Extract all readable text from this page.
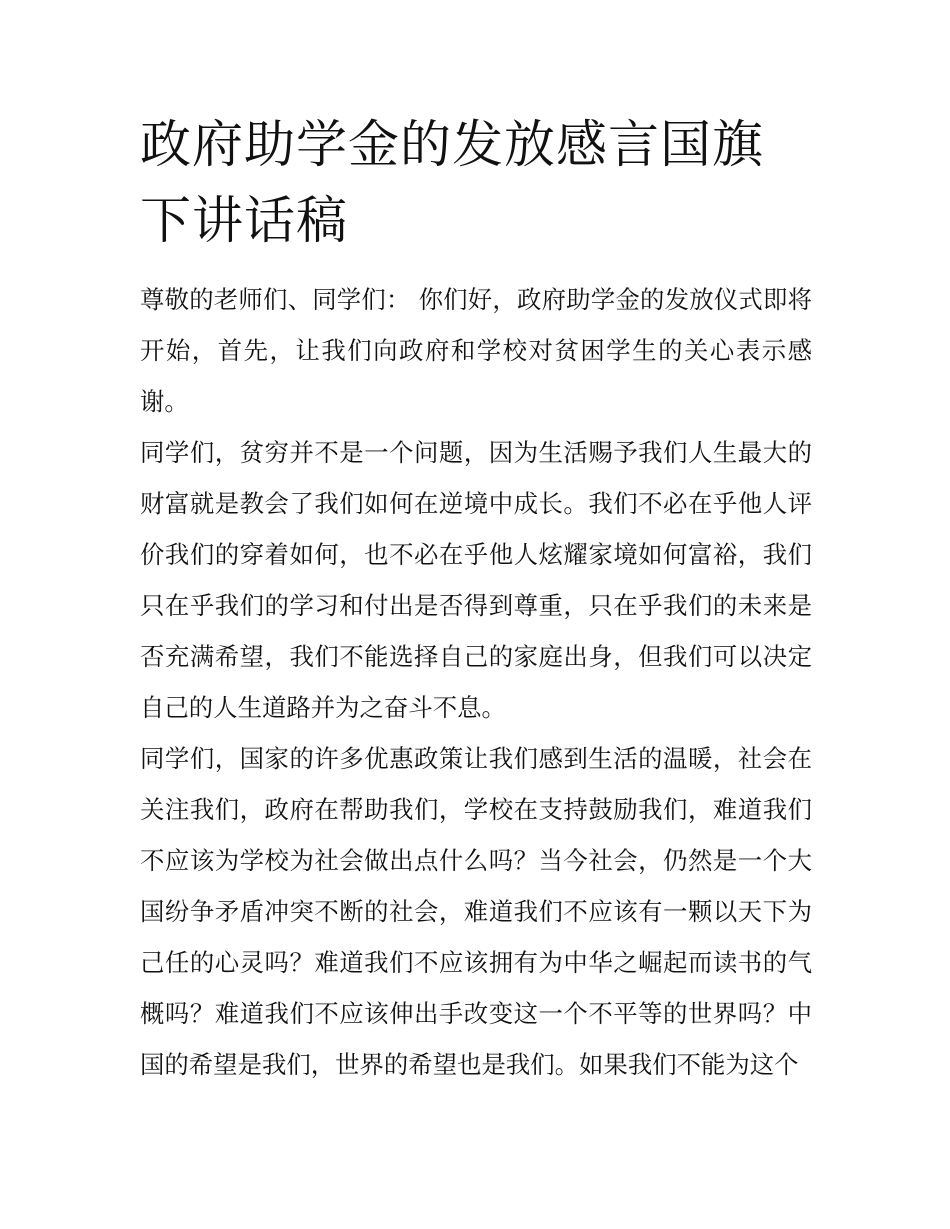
政府助学金的发放感言国旗下讲话稿

尊敬的老师们、同学们： 你们好，政府助学金的发放仪式即将开始，首先，让我们向政府和学校对贫困学生的关心表示感谢。

同学们，贫穷并不是一个问题，因为生活赐予我们人生最大的财富就是教会了我们如何在逆境中成长。我们不必在乎他人评价我们的穿着如何，也不必在乎他人炫耀家境如何富裕，我们只在乎我们的学习和付出是否得到尊重，只在乎我们的未来是否充满希望，我们不能选择自己的家庭出身，但我们可以决定自己的人生道路并为之奋斗不息。

同学们，国家的许多优惠政策让我们感到生活的温暖，社会在关注我们，政府在帮助我们，学校在支持鼓励我们，难道我们不应该为学校为社会做出点什么吗？当今社会，仍然是一个大国纷争矛盾冲突不断的社会，难道我们不应该有一颗以天下为己任的心灵吗？难道我们不应该拥有为中华之崛起而读书的气概吗？难道我们不应该伸出手改变这一个不平等的世界吗？中国的希望是我们，世界的希望也是我们。如果我们不能为这个
